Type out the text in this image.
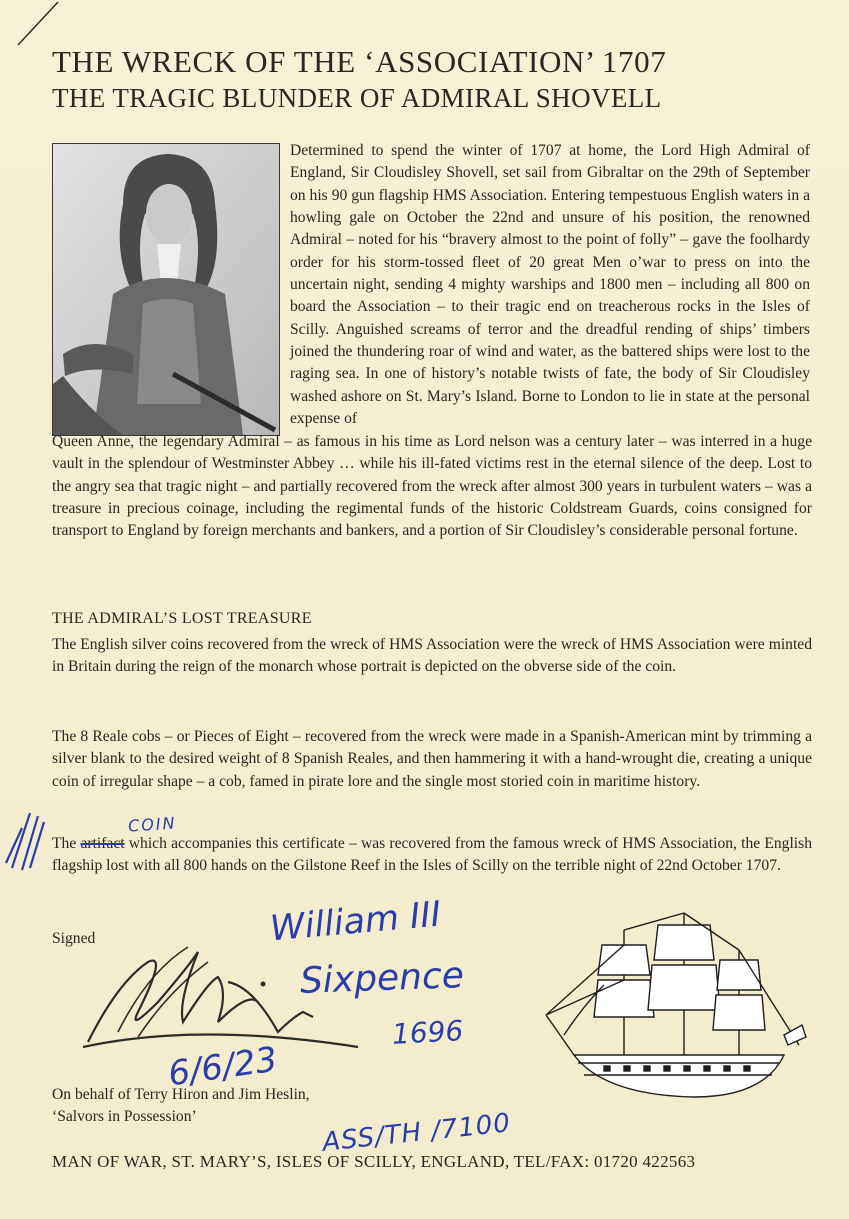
THE WRECK OF THE ‘ASSOCIATION’ 1707
THE TRAGIC BLUNDER OF ADMIRAL SHOVELL
Determined to spend the winter of 1707 at home, the Lord High Admiral of England, Sir Cloudisley Shovell, set sail from Gibraltar on the 29th of September on his 90 gun flagship HMS Association. Entering tempestuous English waters in a howling gale on October the 22nd and unsure of his position, the renowned Admiral – noted for his “bravery almost to the point of folly” – gave the foolhardy order for his storm-tossed fleet of 20 great Men o’war to press on into the uncertain night, sending 4 mighty warships and 1800 men – including all 800 on board the Association – to their tragic end on treacherous rocks in the Isles of Scilly. Anguished screams of terror and the dreadful rending of ships’ timbers joined the thundering roar of wind and water, as the battered ships were lost to the raging sea. In one of history’s notable twists of fate, the body of Sir Cloudisley washed ashore on St. Mary’s Island. Borne to London to lie in state at the personal expense of
Queen Anne, the legendary Admiral – as famous in his time as Lord nelson was a century later – was interred in a huge vault in the splendour of Westminster Abbey … while his ill-fated victims rest in the eternal silence of the deep. Lost to the angry sea that tragic night – and partially recovered from the wreck after almost 300 years in turbulent waters – was a treasure in precious coinage, including the regimental funds of the historic Coldstream Guards, coins consigned for transport to England by foreign merchants and bankers, and a portion of Sir Cloudisley’s considerable personal fortune.
THE ADMIRAL’S LOST TREASURE
The English silver coins recovered from the wreck of HMS Association were the wreck of HMS Association were minted in Britain during the reign of the monarch whose portrait is depicted on the obverse side of the coin.
The 8 Reale cobs – or Pieces of Eight – recovered from the wreck were made in a Spanish-American mint by trimming a silver blank to the desired weight of 8 Spanish Reales, and then hammering it with a hand-wrought die, creating a unique coin of irregular shape – a cob, famed in pirate lore and the single most storied coin in maritime history.
The artifact which accompanies this certificate – was recovered from the famous wreck of HMS Association, the English flagship lost with all 800 hands on the Gilstone Reef in the Isles of Scilly on the terrible night of 22nd October 1707.
COIN
Signed	William III
Sixpence
1696
6/6/23
On behalf of Terry Hiron and Jim Heslin,
‘Salvors in Possession’	ASS/TH /7100
MAN OF WAR, ST. MARY’S, ISLES OF SCILLY, ENGLAND, TEL/FAX: 01720 422563
